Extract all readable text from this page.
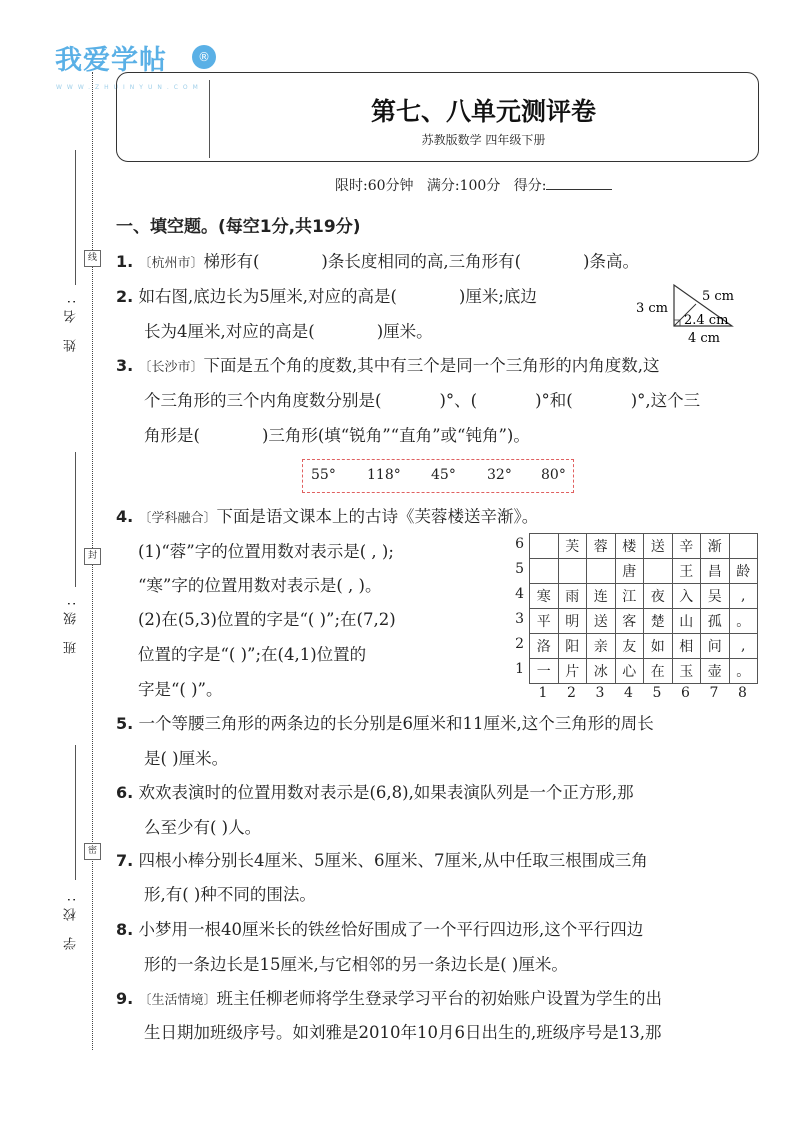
我爱学帖	®
WWW.ZHUINYUN.COM
第七、八单元测评卷
苏教版数学 四年级下册
限时:60分钟 满分:100分 得分:
线
封
密
姓 名:
班 级:
学 校:
一、填空题。(每空1分,共19分)
1. 〔杭州市〕梯形有(	)条长度相同的高,三角形有(	)条高。
2. 如右图,底边长为5厘米,对应的高是(	)厘米;底边
长为4厘米,对应的高是(	)厘米。
3 cm
5 cm
2.4 cm
4 cm
3. 〔长沙市〕下面是五个角的度数,其中有三个是同一个三角形的内角度数,这
个三角形的三个内角度数分别是(	)°、(	)°和(	)°,这个三
角形是(	)三角形(填“锐角”“直角”或“钝角”)。
55° 118° 45° 32° 80°
4. 〔学科融合〕下面是语文课本上的古诗《芙蓉楼送辛渐》。
(1)“蓉”字的位置用数对表示是( , );
“寒”字的位置用数对表示是( , )。
(2)在(5,3)位置的字是“( )”;在(7,2)
位置的字是“( )”;在(4,1)位置的
字是“( )”。
6
5
4
3
2
1
	芙	蓉	楼	送	辛	渐	
			唐		王	昌	龄
寒	雨	连	江	夜	入	吴	,
平	明	送	客	楚	山	孤	。
洛	阳	亲	友	如	相	问	,
一	片	冰	心	在	玉	壶	。
1	2	3	4	5	6	7	8
5. 一个等腰三角形的两条边的长分别是6厘米和11厘米,这个三角形的周长
是( )厘米。
6. 欢欢表演时的位置用数对表示是(6,8),如果表演队列是一个正方形,那
么至少有( )人。
7. 四根小棒分别长4厘米、5厘米、6厘米、7厘米,从中任取三根围成三角
形,有( )种不同的围法。
8. 小梦用一根40厘米长的铁丝恰好围成了一个平行四边形,这个平行四边
形的一条边长是15厘米,与它相邻的另一条边长是( )厘米。
9. 〔生活情境〕班主任柳老师将学生登录学习平台的初始账户设置为学生的出
生日期加班级序号。如刘雅是2010年10月6日出生的,班级序号是13,那
